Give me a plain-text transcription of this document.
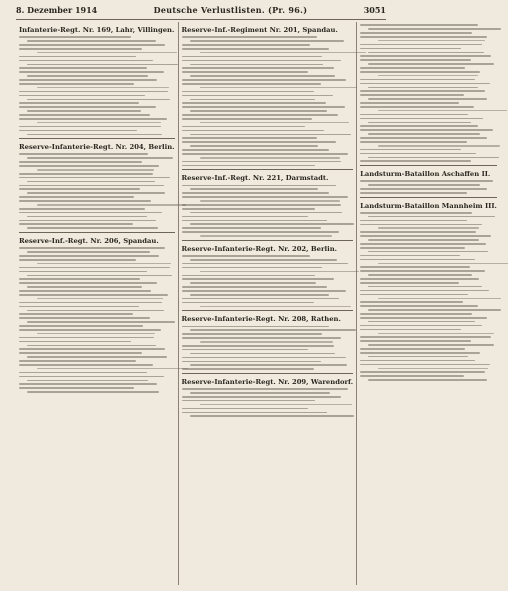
8. Dezember 1914	Deutsche Verlustlisten. (Pr. 96.)	3051
Infanterie-Regt. Nr. 169, Lahr, Villingen.
Reserve-Infanterie-Regt. Nr. 204, Berlin.
Reserve-Inf.-Regt. Nr. 206, Spandau.
Reserve-Inf.-Regiment Nr. 201, Spandau.
Reserve-Inf.-Regt. Nr. 221, Darmstadt.
Reserve-Infanterie-Regt. Nr. 202, Berlin.
Reserve-Infanterie-Regt. Nr. 208, Rathen.
Reserve-Infanterie-Regt. Nr. 209, Warendorf.
Landsturm-Bataillon Aschaffen II.
Landsturm-Bataillon Mannheim III.
